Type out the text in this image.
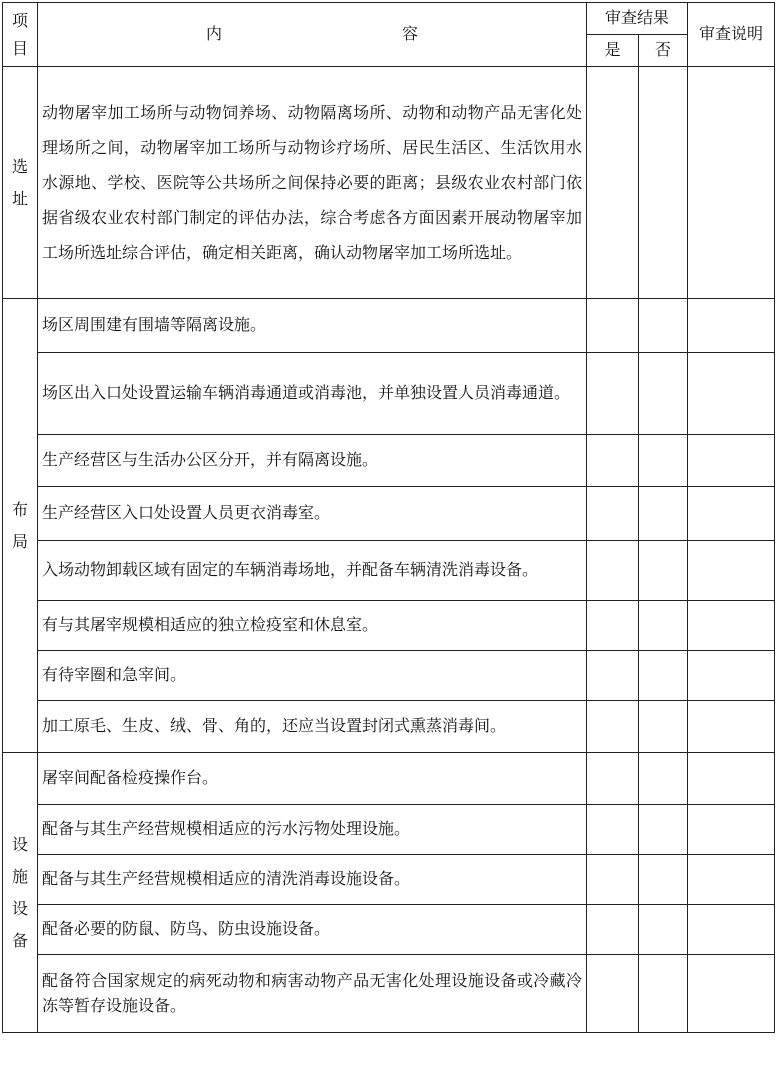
项目	内 容	审查结果		审查说明
		是	否	

选址	动物屠宰加工场所与动物饲养场、动物隔离场所、动物和动物产品无害化处理场所之间，动物屠宰加工场所与动物诊疗场所、居民生活区、生活饮用水水源地、学校、医院等公共场所之间保持必要的距离；县级农业农村部门依据省级农业农村部门制定的评估办法，综合考虑各方面因素开展动物屠宰加工场所选址综合评估，确定相关距离，确认动物屠宰加工场所选址。			

布局	场区周围建有围墙等隔离设施。			
	场区出入口处设置运输车辆消毒通道或消毒池，并单独设置人员消毒通道。			
	生产经营区与生活办公区分开，并有隔离设施。			
	生产经营区入口处设置人员更衣消毒室。			
	入场动物卸载区域有固定的车辆消毒场地，并配备车辆清洗消毒设备。			
	有与其屠宰规模相适应的独立检疫室和休息室。			
	有待宰圈和急宰间。			
	加工原毛、生皮、绒、骨、角的，还应当设置封闭式熏蒸消毒间。			

设施设备	屠宰间配备检疫操作台。			
	配备与其生产经营规模相适应的污水污物处理设施。			
	配备与其生产经营规模相适应的清洗消毒设施设备。			
	配备必要的防鼠、防鸟、防虫设施设备。			
	配备符合国家规定的病死动物和病害动物产品无害化处理设施设备或冷藏冷冻等暂存设施设备。			
